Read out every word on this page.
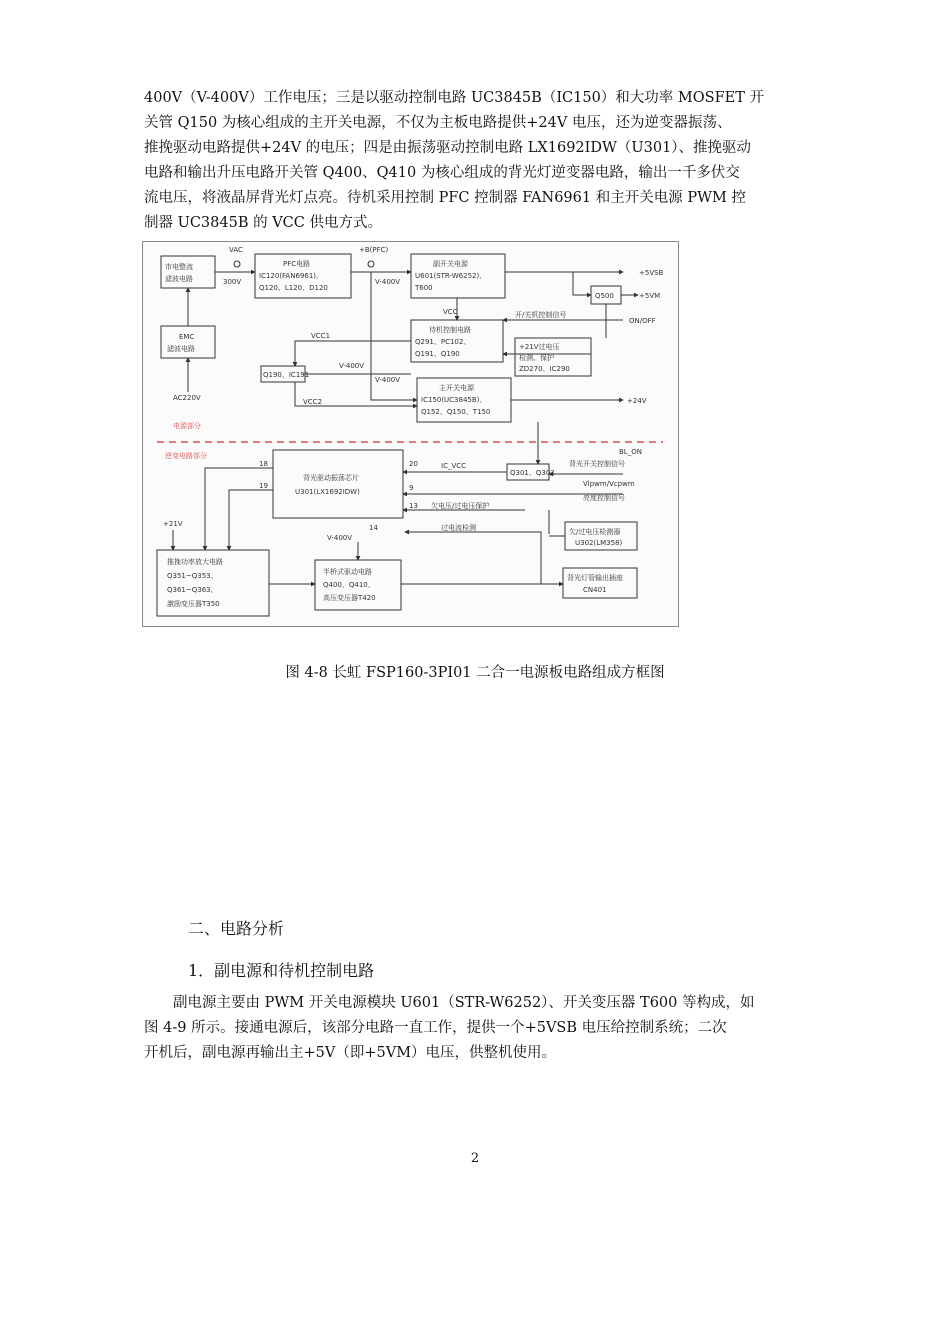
400V（V-400V）工作电压；三是以驱动控制电路 UC3845B（IC150）和大功率 MOSFET 开
关管 Q150 为核心组成的主开关电源，不仅为主板电路提供+24V 电压，还为逆变器振荡、
推挽驱动电路提供+24V 的电压；四是由振荡驱动控制电路 LX1692IDW（U301）、推挽驱动
电路和输出升压电路开关管 Q400、Q410 为核心组成的背光灯逆变器电路，输出一千多伏交
流电压，将液晶屏背光灯点亮。待机采用控制 PFC 控制器 FAN6961 和主开关电源 PWM 控
制器 UC3845B 的 VCC 供电方式。
市电整流
滤波电路
EMC
滤波电路
PFC电路
IC120(FAN6961)、
Q120、L120、D120
副开关电源
U601(STR-W6252)、
T600
Q500
待机控制电路
Q291、PC102、
Q191、Q190
+21V过电压
检测、保护
ZD270、IC290
Q190、IC191
主开关电源
IC150(UC3845B)、
Q152、Q150、T150
Q301、Q302
背光驱动振荡芯片
U301(LX1692IDW)
欠/过电压检测器
U302(LM358)
推挽功率放大电路
Q351~Q353、
Q361~Q363、
激励变压器T350
半桥式驱动电路
Q400、Q410、
高压变压器T420
背光灯管输出插座
CN401
VAC
300V
+B(PFC)
V-400V
V-400V
V-400V
V-400V
VCC
VCC1
VCC2
+5VSB
+5VM
开/关机控制信号
ON/OFF
+24V
AC220V
电源部分
逆变电路部分	BL_ON
背光开关控制信号
IC_VCC
Vlpwm/Vcpwm
亮度控制信号
欠电压/过电压保护
过电流检测
+21V
20
18
19	9
13
14
图 4-8 长虹 FSP160-3PI01 二合一电源板电路组成方框图
二、电路分析
1．副电源和待机控制电路
副电源主要由 PWM 开关电源模块 U601（STR-W6252）、开关变压器 T600 等构成，如
图 4-9 所示。接通电源后，该部分电路一直工作，提供一个+5VSB 电压给控制系统；二次
开机后，副电源再输出主+5V（即+5VM）电压，供整机使用。
2
